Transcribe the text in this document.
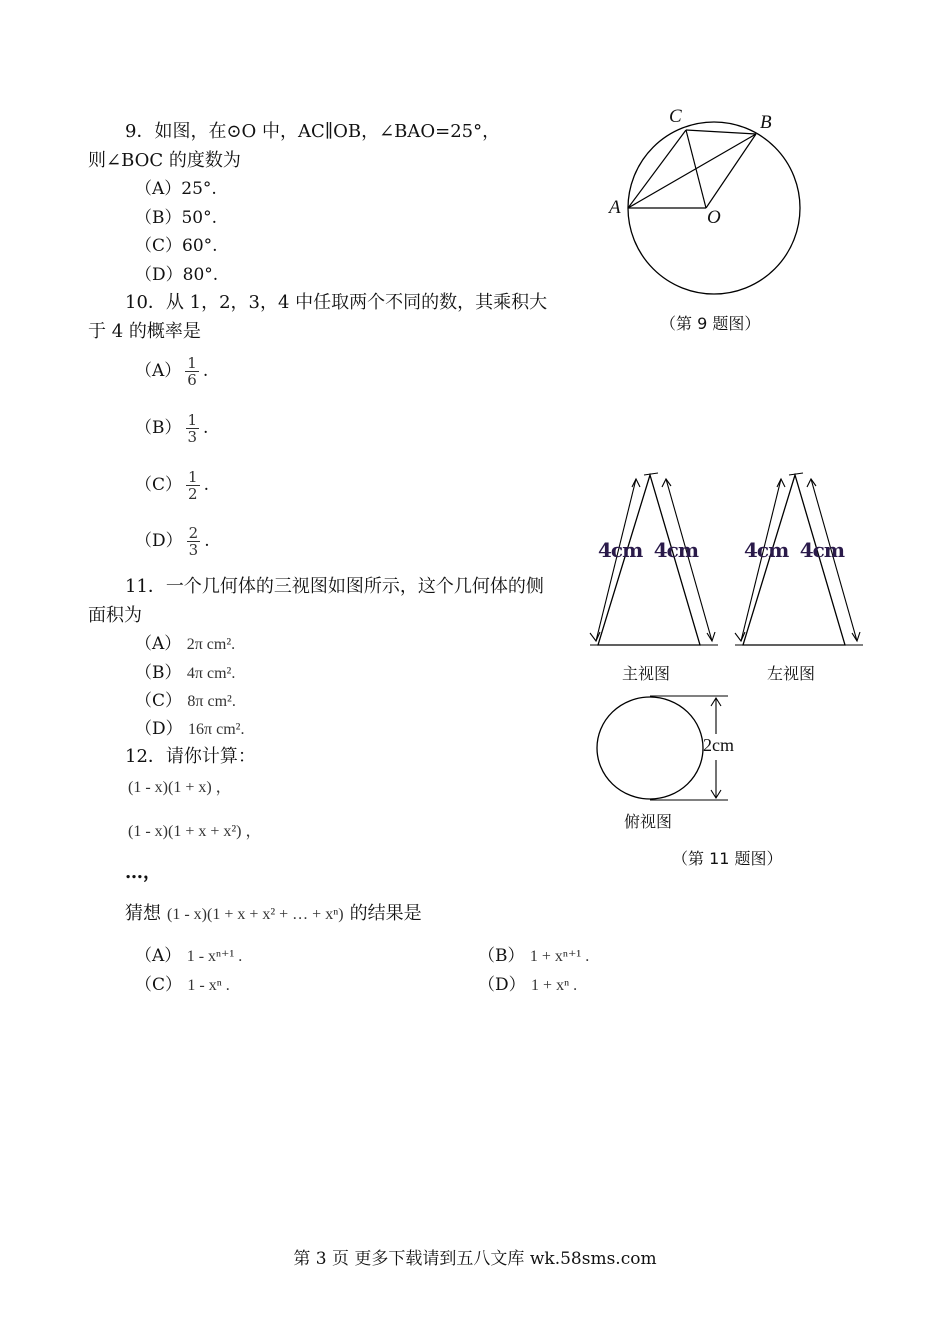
9．如图，在⊙O 中，AC∥OB，∠BAO=25°，
则∠BOC 的度数为
（A）25°.
（B）50°.
（C）60°.
（D）80°.
C	B
A	O
（第 9 题图）
10．从 1，2，3，4 中任取两个不同的数，其乘积大
于 4 的概率是
$(A) \frac{1}{6}$ .
$(B) \frac{1}{3}$ .
$(C) \frac{1}{2}$ .
$(D) \frac{2}{3}$ .
11．一个几何体的三视图如图所示，这个几何体的侧
面积为
（A） 2π cm².
（B） 4π cm².
（C） 8π cm².
（D） 16π cm².
4cm 4cm
主视图
4cm 4cm
左视图
2cm
俯视图
（第 11 题图）
12．请你计算：
(1 - x)(1 + x) ，
(1 - x)(1 + x + x²) ，
…，
猜想 (1 - x)(1 + x + x² + … + xⁿ) 的结果是
（A） 1 - xⁿ⁺¹ .	（B） 1 + xⁿ⁺¹ .
（C） 1 - xⁿ .	（D） 1 + xⁿ .
第 3 页 更多下载请到五八文库 wk.58sms.com
